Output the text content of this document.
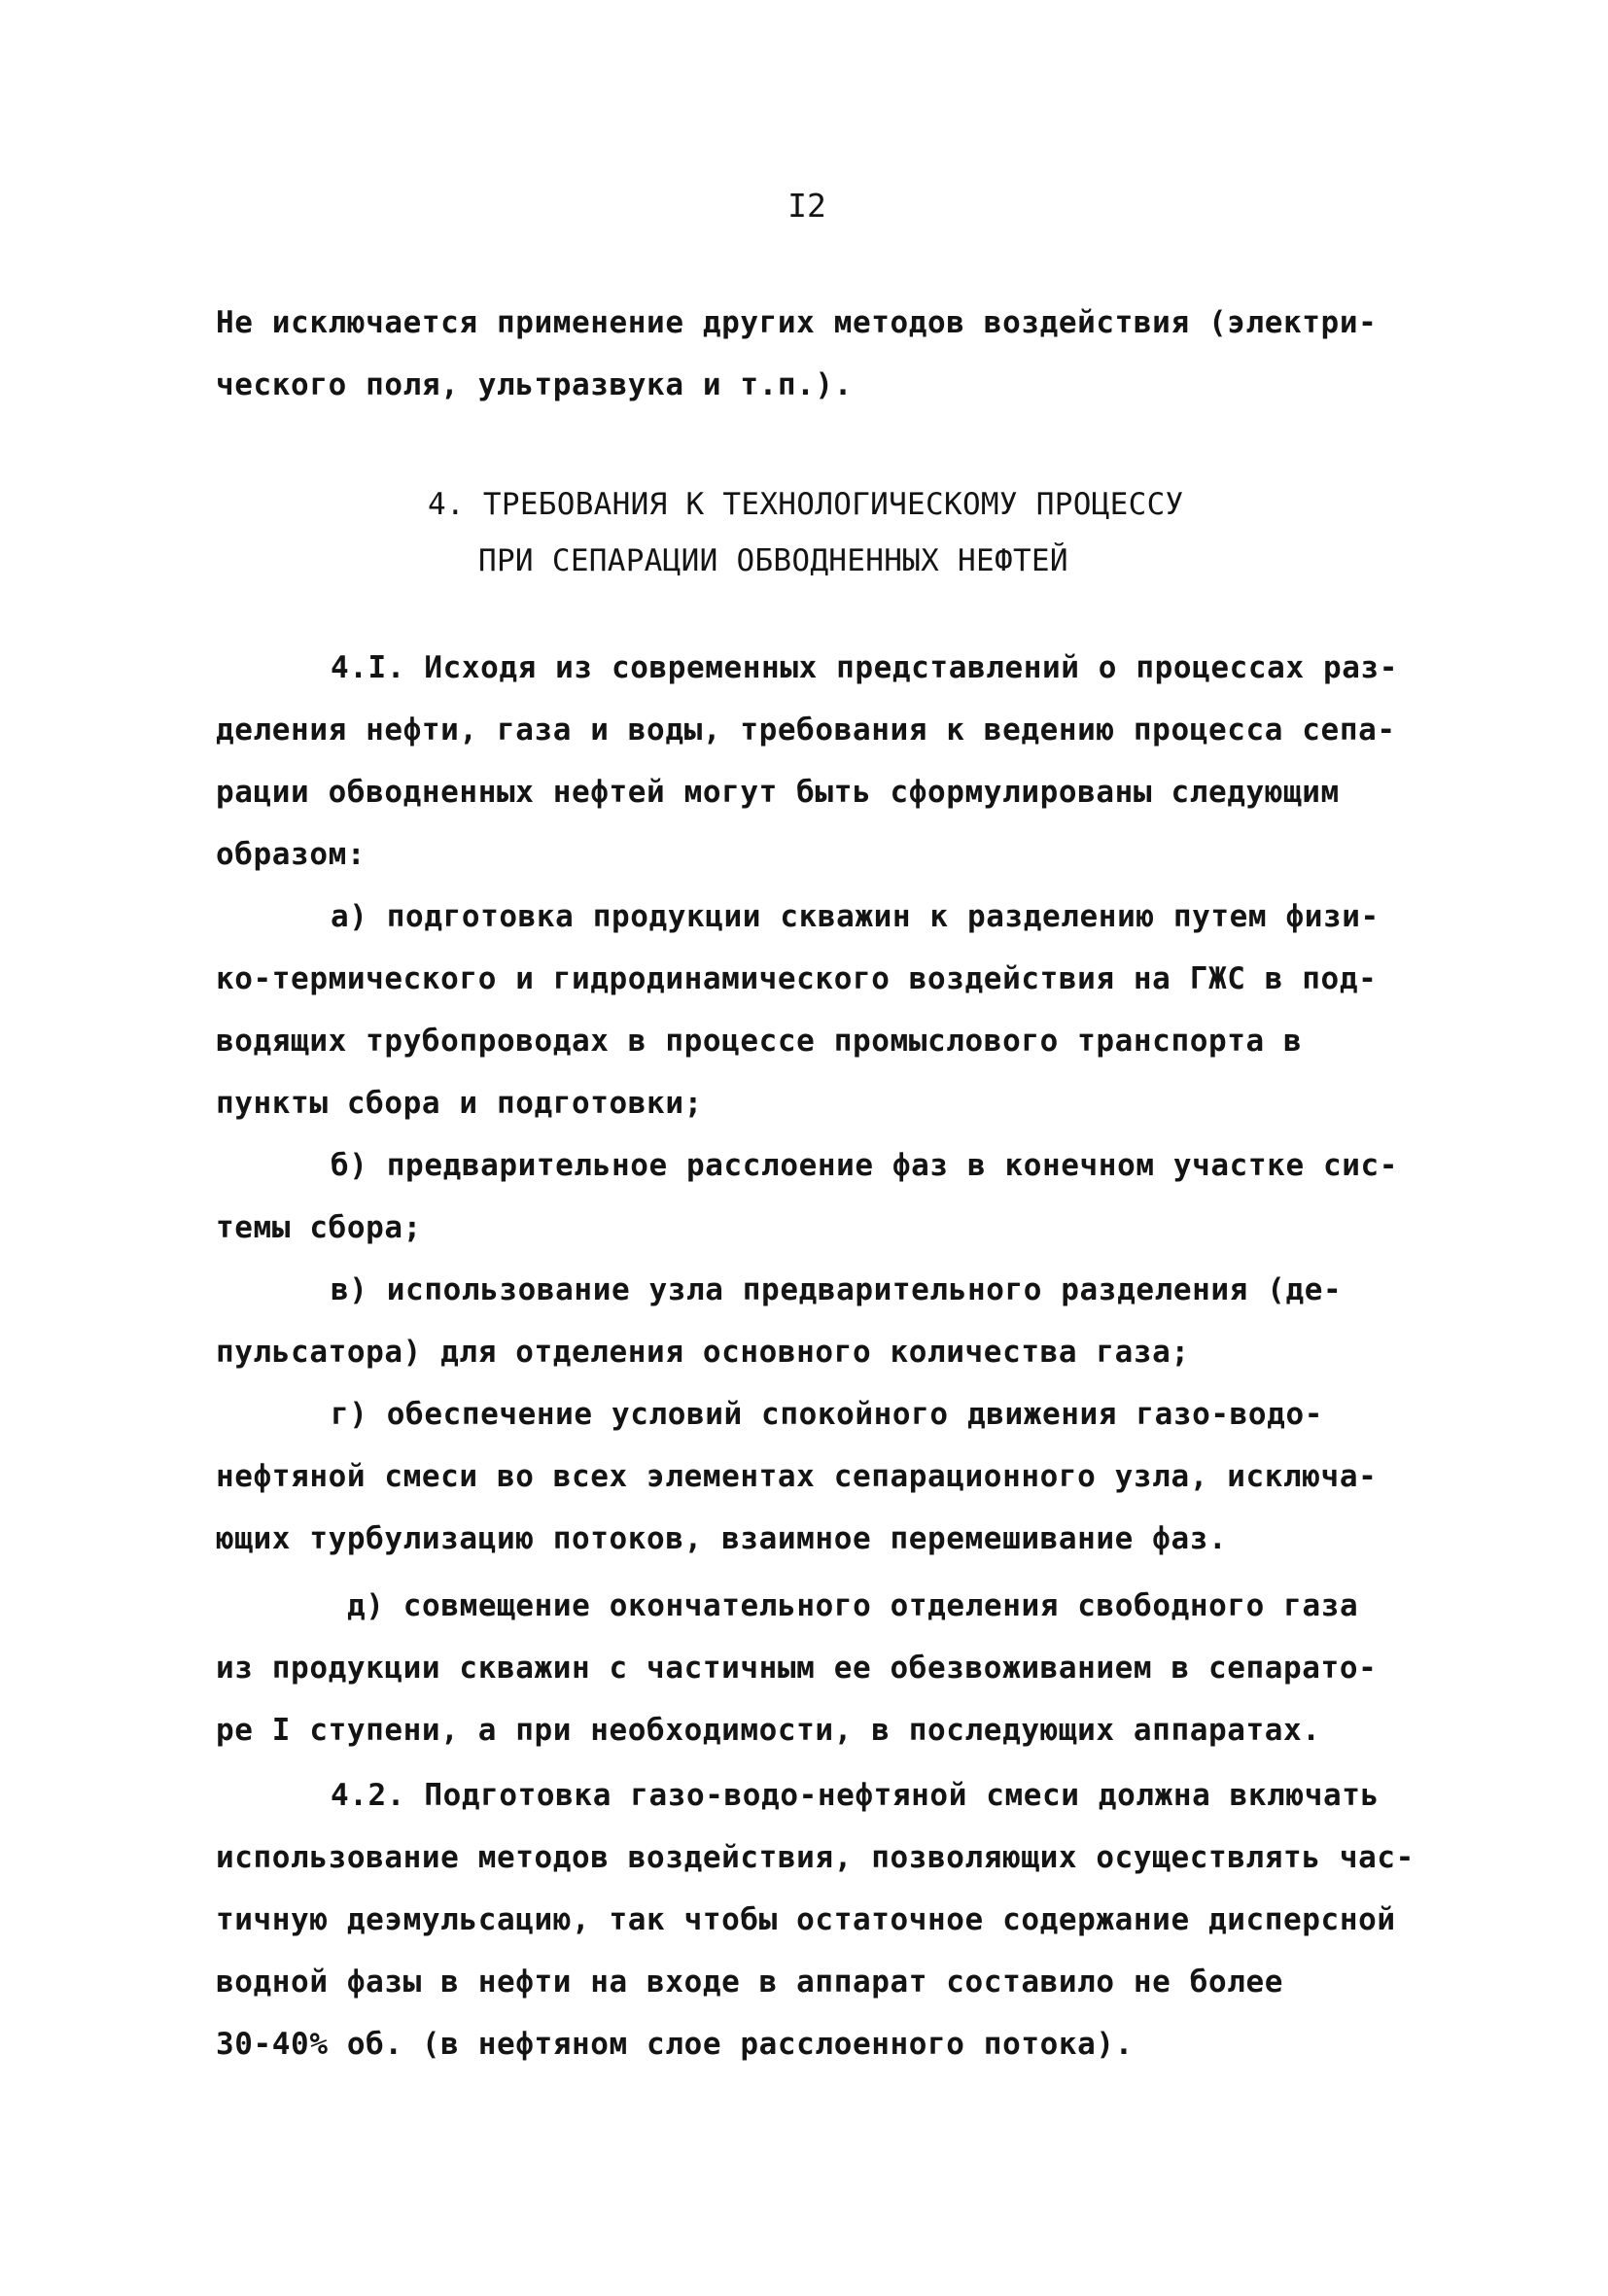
I2
Не исключается применение других методов воздействия (электри-
ческого поля, ультразвука и т.п.).
4. ТРЕБОВАНИЯ К ТЕХНОЛОГИЧЕСКОМУ ПРОЦЕССУ
ПРИ СЕПАРАЦИИ ОБВОДНЕННЫХ НЕФТЕЙ
4.I. Исходя из современных представлений о процессах раз-
деления нефти, газа и воды, требования к ведению процесса сепа-
рации обводненных нефтей могут быть сформулированы следующим
образом:
а) подготовка продукции скважин к разделению путем физи-
ко-термического и гидродинамического воздействия на ГЖС в под-
водящих трубопроводах в процессе промыслового транспорта в
пункты сбора и подготовки;
б) предварительное расслоение фаз в конечном участке сис-
темы сбора;
в) использование узла предварительного разделения (де-
пульсатора) для отделения основного количества газа;
г) обеспечение условий спокойного движения газо-водо-
нефтяной смеси во всех элементах сепарационного узла, исключа-
ющих турбулизацию потоков, взаимное перемешивание фаз.
д) совмещение окончательного отделения свободного газа
из продукции скважин с частичным ее обезвоживанием в сепарато-
ре I ступени, а при необходимости, в последующих аппаратах.
4.2. Подготовка газо-водо-нефтяной смеси должна включать
использование методов воздействия, позволяющих осуществлять час-
тичную деэмульсацию, так чтобы остаточное содержание дисперсной
водной фазы в нефти на входе в аппарат составило не более
30-40% об. (в нефтяном слое расслоенного потока).
